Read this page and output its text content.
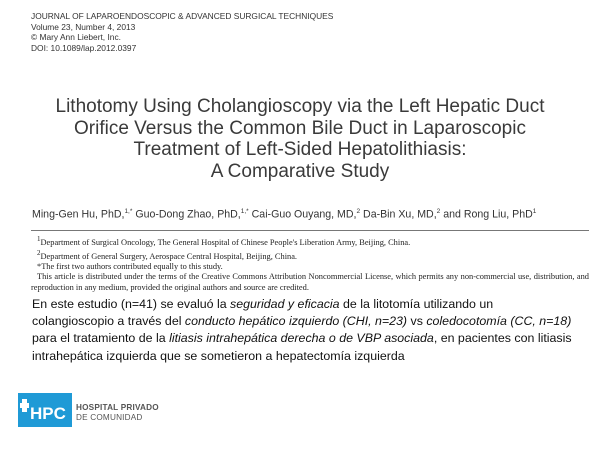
JOURNAL OF LAPAROENDOSCOPIC & ADVANCED SURGICAL TECHNIQUES
Volume 23, Number 4, 2013
© Mary Ann Liebert, Inc.
DOI: 10.1089/lap.2012.0397
Lithotomy Using Cholangioscopy via the Left Hepatic Duct
Orifice Versus the Common Bile Duct in Laparoscopic
Treatment of Left-Sided Hepatolithiasis:
A Comparative Study
Ming-Gen Hu, PhD,$^{1,*}$ Guo-Dong Zhao, PhD,$^{1,*}$ Cai-Guo Ouyang, MD,$^2$ Da-Bin Xu, MD,$^2$ and Rong Liu, PhD$^1$
$^1$Department of Surgical Oncology, The General Hospital of Chinese People's Liberation Army, Beijing, China.
$^2$Department of General Surgery, Aerospace Central Hospital, Beijing, China.
*The first two authors contributed equally to this study.
This article is distributed under the terms of the Creative Commons Attribution Noncommercial License, which permits any non-commercial use, distribution, and reproduction in any medium, provided the original authors and source are credited.
En este estudio (n=41) se evaluó la seguridad y eficacia de la litotomía utilizando un colangioscopio a través del conducto hepático izquierdo (CHI, n=23) vs coledocotomía (CC, n=18) para el tratamiento de la litiasis intrahepática derecha o de VBP asociada, en pacientes con litiasis intrahepática izquierda que se sometieron a hepatectomía izquierda
HPC HOSPITAL PRIVADO
DE COMUNIDAD
